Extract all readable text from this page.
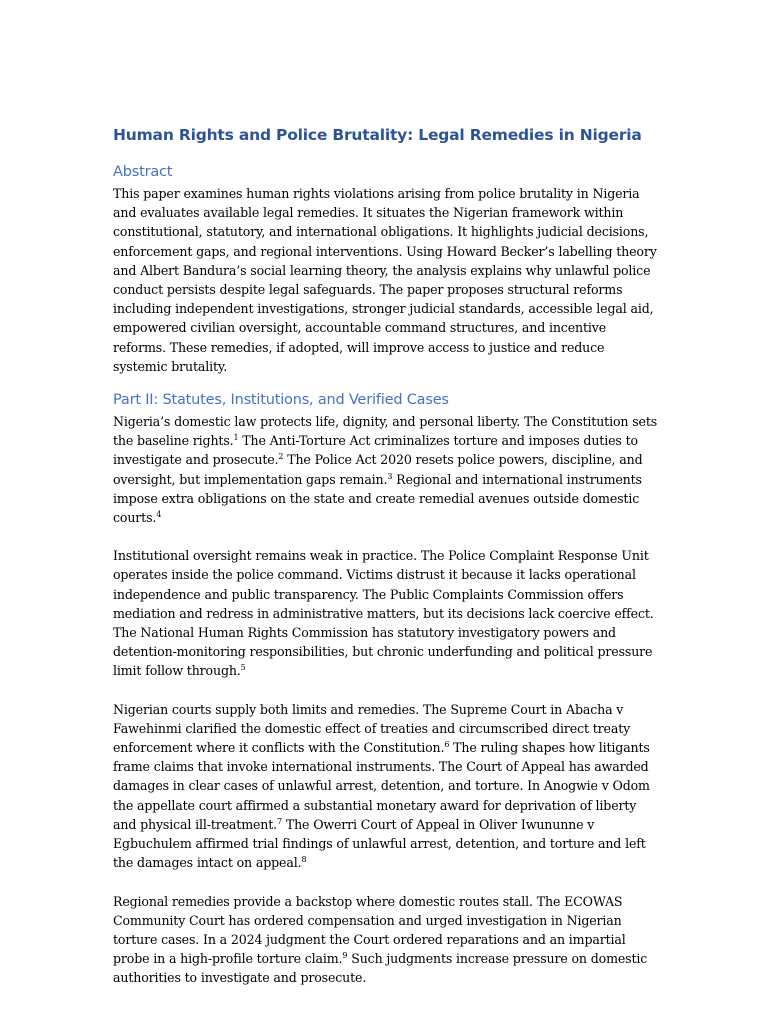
Human Rights and Police Brutality: Legal Remedies in Nigeria
Abstract

This paper examines human rights violations arising from police brutality in Nigeria and evaluates available legal remedies. It situates the Nigerian framework within constitutional, statutory, and international obligations. It highlights judicial decisions, enforcement gaps, and regional interventions. Using Howard Becker’s labelling theory and Albert Bandura’s social learning theory, the analysis explains why unlawful police conduct persists despite legal safeguards. The paper proposes structural reforms including independent investigations, stronger judicial standards, accessible legal aid, empowered civilian oversight, accountable command structures, and incentive reforms. These remedies, if adopted, will improve access to justice and reduce systemic brutality.

Part II: Statutes, Institutions, and Verified Cases

Nigeria’s domestic law protects life, dignity, and personal liberty. The Constitution sets the baseline rights.$^1$ The Anti-Torture Act criminalizes torture and imposes duties to investigate and prosecute.$^2$ The Police Act 2020 resets police powers, discipline, and oversight, but implementation gaps remain.$^3$ Regional and international instruments impose extra obligations on the state and create remedial avenues outside domestic courts.$^4$

Institutional oversight remains weak in practice. The Police Complaint Response Unit operates inside the police command. Victims distrust it because it lacks operational independence and public transparency. The Public Complaints Commission offers mediation and redress in administrative matters, but its decisions lack coercive effect. The National Human Rights Commission has statutory investigatory powers and detention-monitoring responsibilities, but chronic underfunding and political pressure limit follow through.$^5$

Nigerian courts supply both limits and remedies. The Supreme Court in Abacha v Fawehinmi clarified the domestic effect of treaties and circumscribed direct treaty enforcement where it conflicts with the Constitution.$^6$ The ruling shapes how litigants frame claims that invoke international instruments. The Court of Appeal has awarded damages in clear cases of unlawful arrest, detention, and torture. In Anogwie v Odom the appellate court affirmed a substantial monetary award for deprivation of liberty and physical ill-treatment.$^7$ The Owerri Court of Appeal in Oliver Iwununne v Egbuchulem affirmed trial findings of unlawful arrest, detention, and torture and left the damages intact on appeal.$^8$

Regional remedies provide a backstop where domestic routes stall. The ECOWAS Community Court has ordered compensation and urged investigation in Nigerian torture cases. In a 2024 judgment the Court ordered reparations and an impartial probe in a high-profile torture claim.$^9$ Such judgments increase pressure on domestic authorities to investigate and prosecute.
